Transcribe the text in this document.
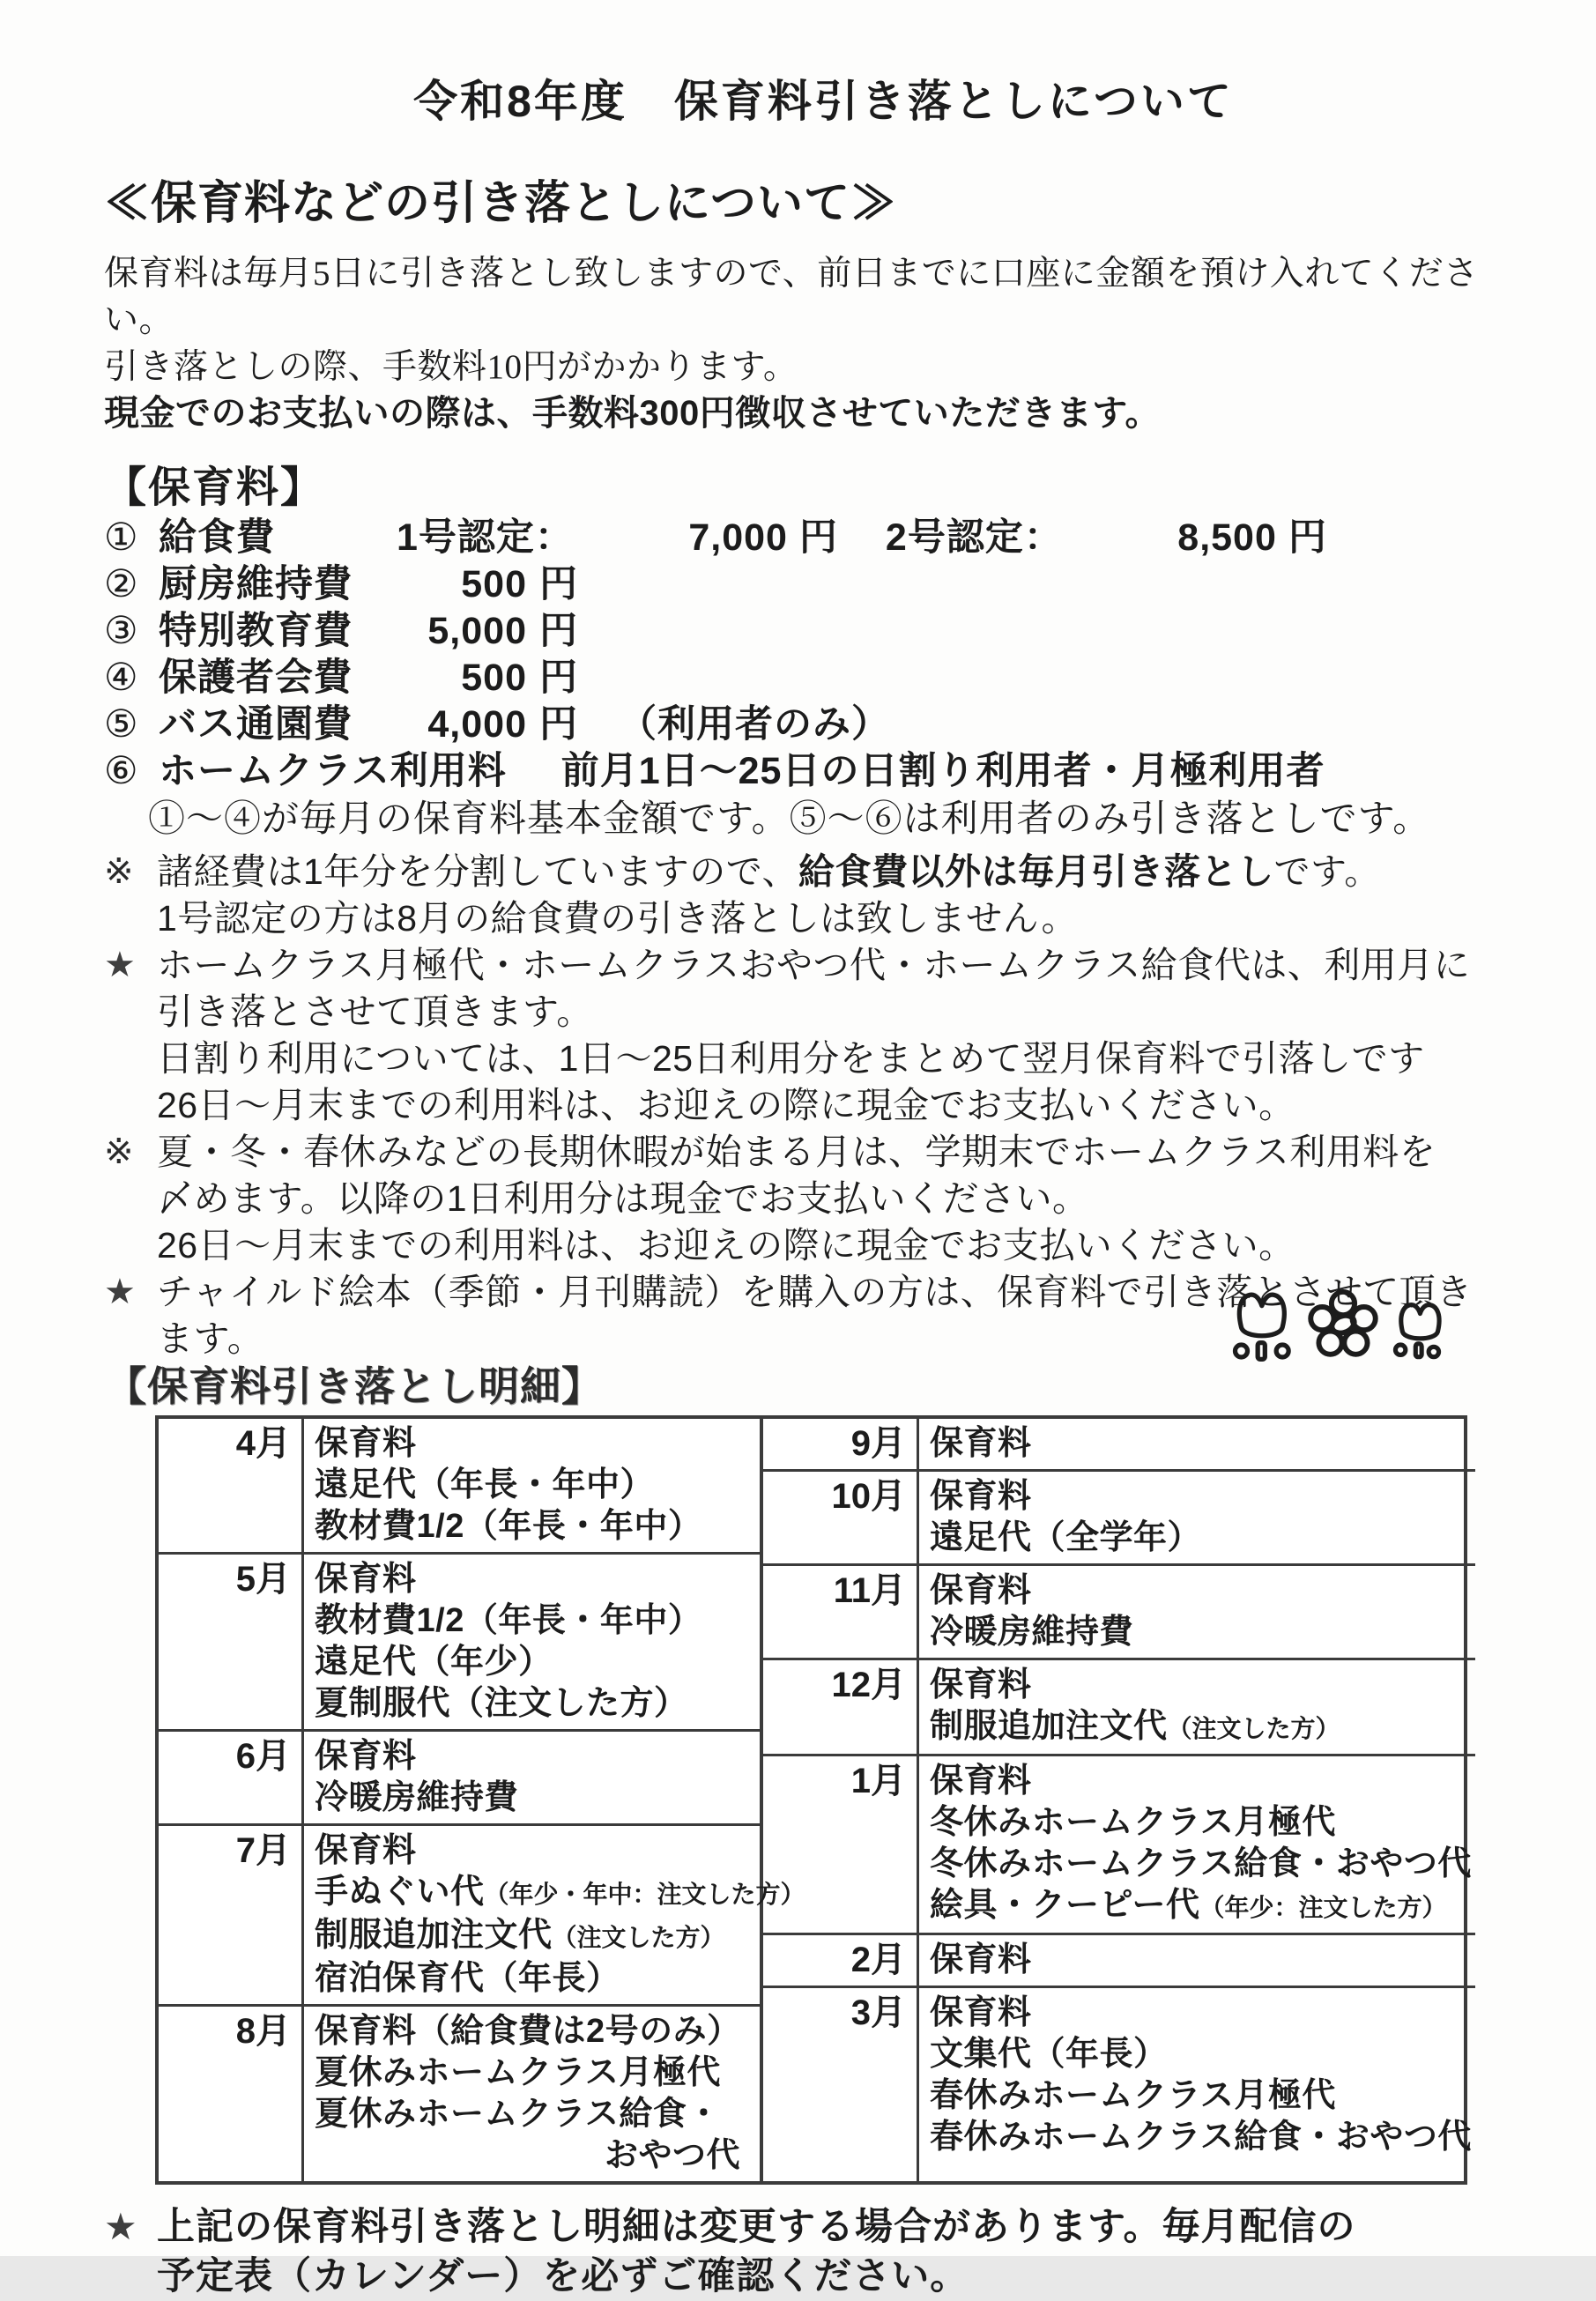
令和8年度　保育料引き落としについて
≪保育料などの引き落としについて≫
保育料は毎月5日に引き落とし致しますので、前日までに口座に金額を預け入れてください。
引き落としの際、手数料10円がかかります。
現金でのお支払いの際は、手数料300円徴収させていただきます。
【保育料】
① 給食費	1号認定：	7,000 円 2号認定：	8,500 円
② 厨房維持費	500 円
③ 特別教育費	5,000 円
④ 保護者会費	500 円
⑤ バス通園費	4,000 円 （利用者のみ）
⑥ ホームクラス利用料 前月1日～25日の日割り利用者・月極利用者
①～④が毎月の保育料基本金額です。⑤～⑥は利用者のみ引き落としです。
※ 諸経費は1年分を分割していますので、給食費以外は毎月引き落としです。
1号認定の方は8月の給食費の引き落としは致しません。
★ ホームクラス月極代・ホームクラスおやつ代・ホームクラス給食代は、利用月に
引き落とさせて頂きます。
日割り利用については、1日～25日利用分をまとめて翌月保育料で引落しです
26日～月末までの利用料は、お迎えの際に現金でお支払いください。
※ 夏・冬・春休みなどの長期休暇が始まる月は、学期末でホームクラス利用料を
〆めます。以降の1日利用分は現金でお支払いください。
26日～月末までの利用料は、お迎えの際に現金でお支払いください。
★ チャイルド絵本（季節・月刊購読）を購入の方は、保育料で引き落とさせて頂き
ます。
【保育料引き落とし明細】
4月 保育料
遠足代（年長・年中）
教材費1/2（年長・年中）
5月 保育料
教材費1/2（年長・年中）
遠足代（年少）
夏制服代（注文した方）
6月 保育料
冷暖房維持費
7月 保育料
手ぬぐい代（年少・年中：注文した方）
制服追加注文代（注文した方）
宿泊保育代（年長）
8月 保育料（給食費は2号のみ）
夏休みホームクラス月極代
夏休みホームクラス給食・
おやつ代
9月 保育料
10月 保育料
遠足代（全学年）
11月 保育料
冷暖房維持費
12月 保育料
制服追加注文代（注文した方）
1月 保育料
冬休みホームクラス月極代
冬休みホームクラス給食・おやつ代
絵具・クーピー代（年少：注文した方）
2月 保育料
3月 保育料
文集代（年長）
春休みホームクラス月極代
春休みホームクラス給食・おやつ代
★ 上記の保育料引き落とし明細は変更する場合があります。毎月配信の
予定表（カレンダー）を必ずご確認ください。
